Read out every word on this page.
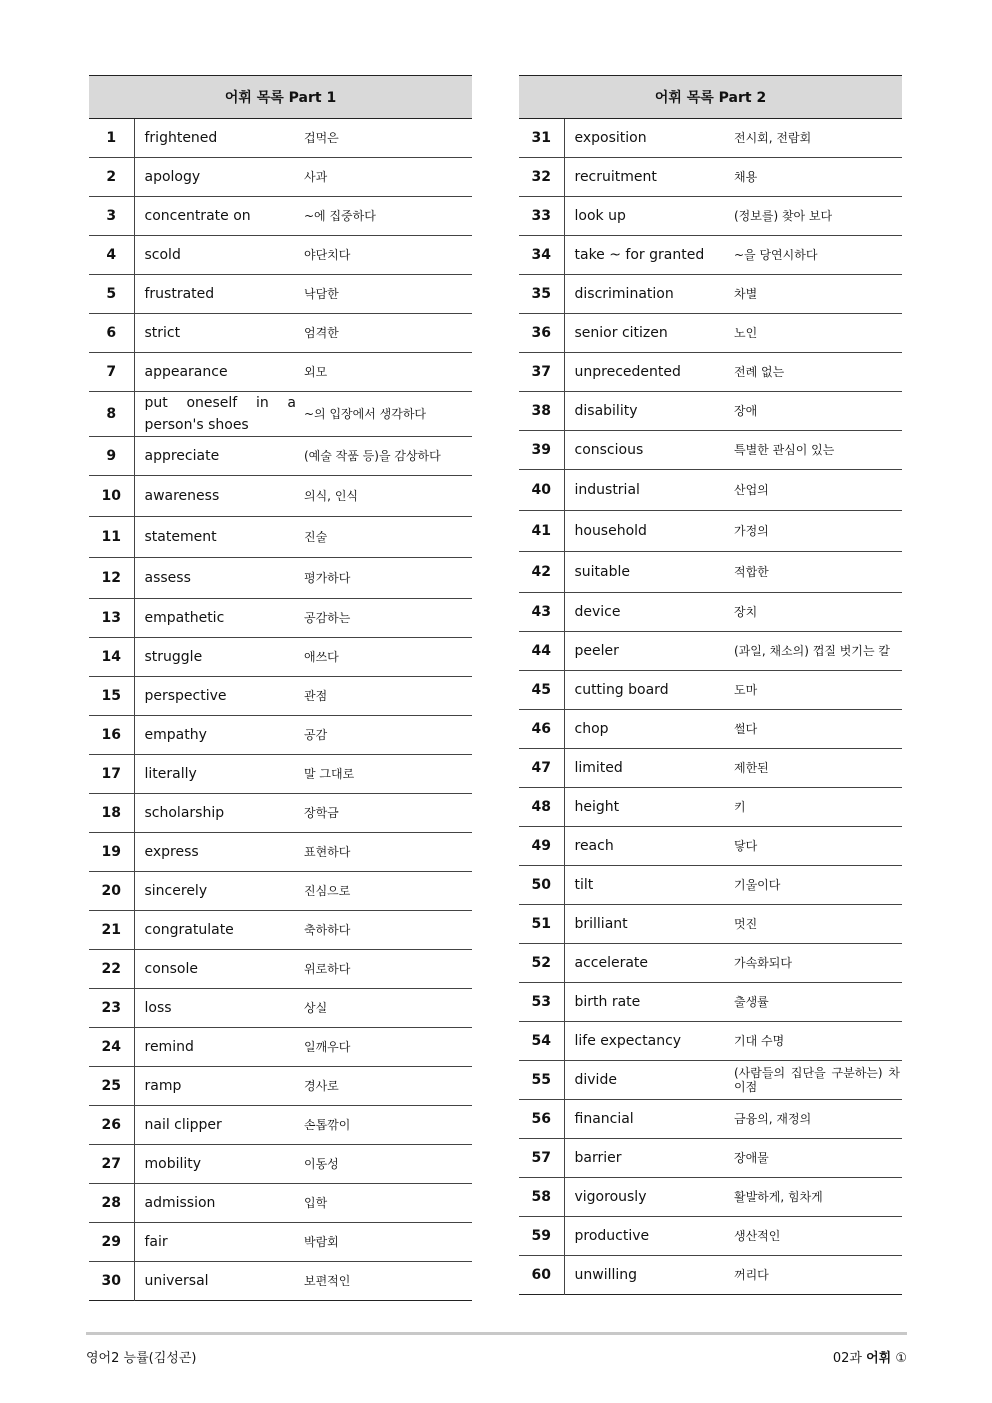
어휘 목록 Part 1		
1	frightened	겁먹은
2	apology	사과
3	concentrate on	~에 집중하다
4	scold	야단치다
5	frustrated	낙담한
6	strict	엄격한
7	appearance	외모
8	put oneself in a person's shoes	~의 입장에서 생각하다
9	appreciate	(예술 작품 등)을 감상하다
10	awareness	의식, 인식
11	statement	진술
12	assess	평가하다
13	empathetic	공감하는
14	struggle	애쓰다
15	perspective	관점
16	empathy	공감
17	literally	말 그대로
18	scholarship	장학금
19	express	표현하다
20	sincerely	진심으로
21	congratulate	축하하다
22	console	위로하다
23	loss	상실
24	remind	일깨우다
25	ramp	경사로
26	nail clipper	손톱깎이
27	mobility	이동성
28	admission	입학
29	fair	박람회
30	universal	보편적인
어휘 목록 Part 2		
31	exposition	전시회, 전람회
32	recruitment	채용
33	look up	(정보를) 찾아 보다
34	take ~ for granted	~을 당연시하다
35	discrimination	차별
36	senior citizen	노인
37	unprecedented	전례 없는
38	disability	장애
39	conscious	특별한 관심이 있는
40	industrial	산업의
41	household	가정의
42	suitable	적합한
43	device	장치
44	peeler	(과일, 채소의) 껍질 벗기는 칼
45	cutting board	도마
46	chop	썰다
47	limited	제한된
48	height	키
49	reach	닿다
50	tilt	기울이다
51	brilliant	멋진
52	accelerate	가속화되다
53	birth rate	출생률
54	life expectancy	기대 수명
55	divide	(사람들의 집단을 구분하는) 차이점
56	financial	금융의, 재정의
57	barrier	장애물
58	vigorously	활발하게, 힘차게
59	productive	생산적인
60	unwilling	꺼리다
영어2 능률(김성곤)	02과 어휘 ①
